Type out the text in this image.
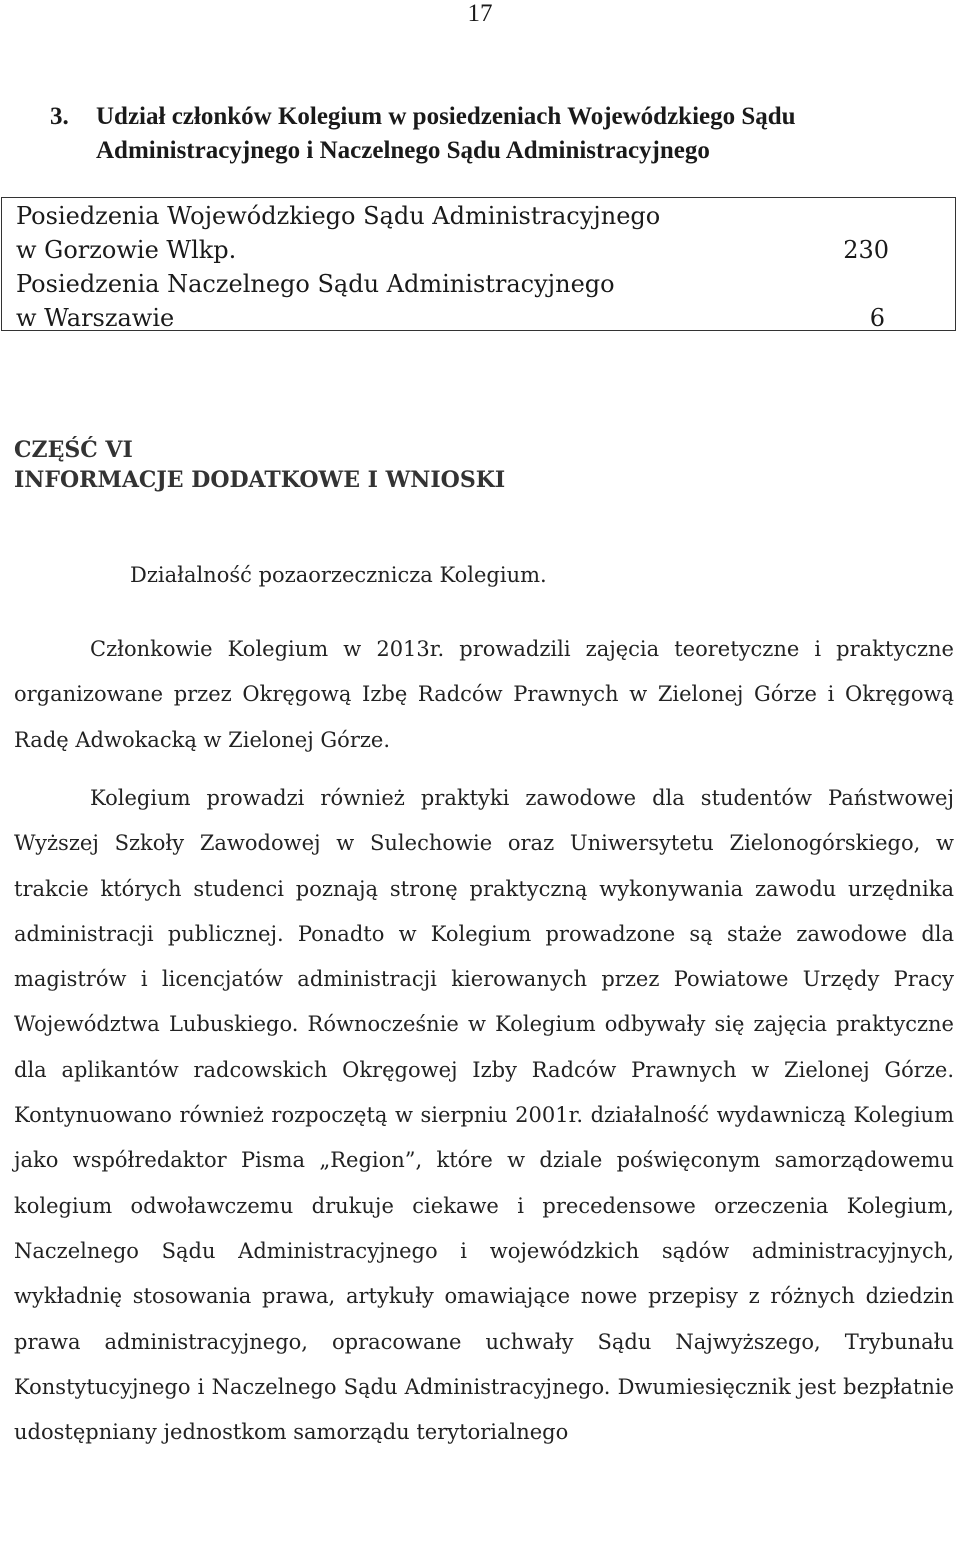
17
3. Udział członków Kolegium w posiedzeniach Wojewódzkiego Sądu
Administracyjnego i Naczelnego Sądu Administracyjnego
Posiedzenia Wojewódzkiego Sądu Administracyjnego
w Gorzowie Wlkp.	230
Posiedzenia Naczelnego Sądu Administracyjnego
w Warszawie	6
CZĘŚĆ VI
INFORMACJE DODATKOWE I WNIOSKI
Działalność pozaorzecznicza Kolegium.

Członkowie Kolegium w 2013r. prowadzili zajęcia teoretyczne i praktyczne organizowane przez Okręgową Izbę Radców Prawnych w Zielonej Górze i Okręgową Radę Adwokacką w Zielonej Górze.

Kolegium prowadzi również praktyki zawodowe dla studentów Państwowej Wyższej Szkoły Zawodowej w Sulechowie oraz Uniwersytetu Zielonogórskiego, w trakcie których studenci poznają stronę praktyczną wykonywania zawodu urzędnika administracji publicznej. Ponadto w Kolegium prowadzone są staże zawodowe dla magistrów i licencjatów administracji kierowanych przez Powiatowe Urzędy Pracy Województwa Lubuskiego. Równocześnie w Kolegium odbywały się zajęcia praktyczne dla aplikantów radcowskich Okręgowej Izby Radców Prawnych w Zielonej Górze. Kontynuowano również rozpoczętą w sierpniu 2001r. działalność wydawniczą Kolegium jako współredaktor Pisma „Region”, które w dziale poświęconym samorządowemu kolegium odwoławczemu drukuje ciekawe i precedensowe orzeczenia Kolegium, Naczelnego Sądu Administracyjnego i wojewódzkich sądów administracyjnych, wykładnię stosowania prawa, artykuły omawiające nowe przepisy z różnych dziedzin prawa administracyjnego, opracowane uchwały Sądu Najwyższego, Trybunału Konstytucyjnego i Naczelnego Sądu Administracyjnego. Dwumiesięcznik jest bezpłatnie udostępniany jednostkom samorządu terytorialnego
